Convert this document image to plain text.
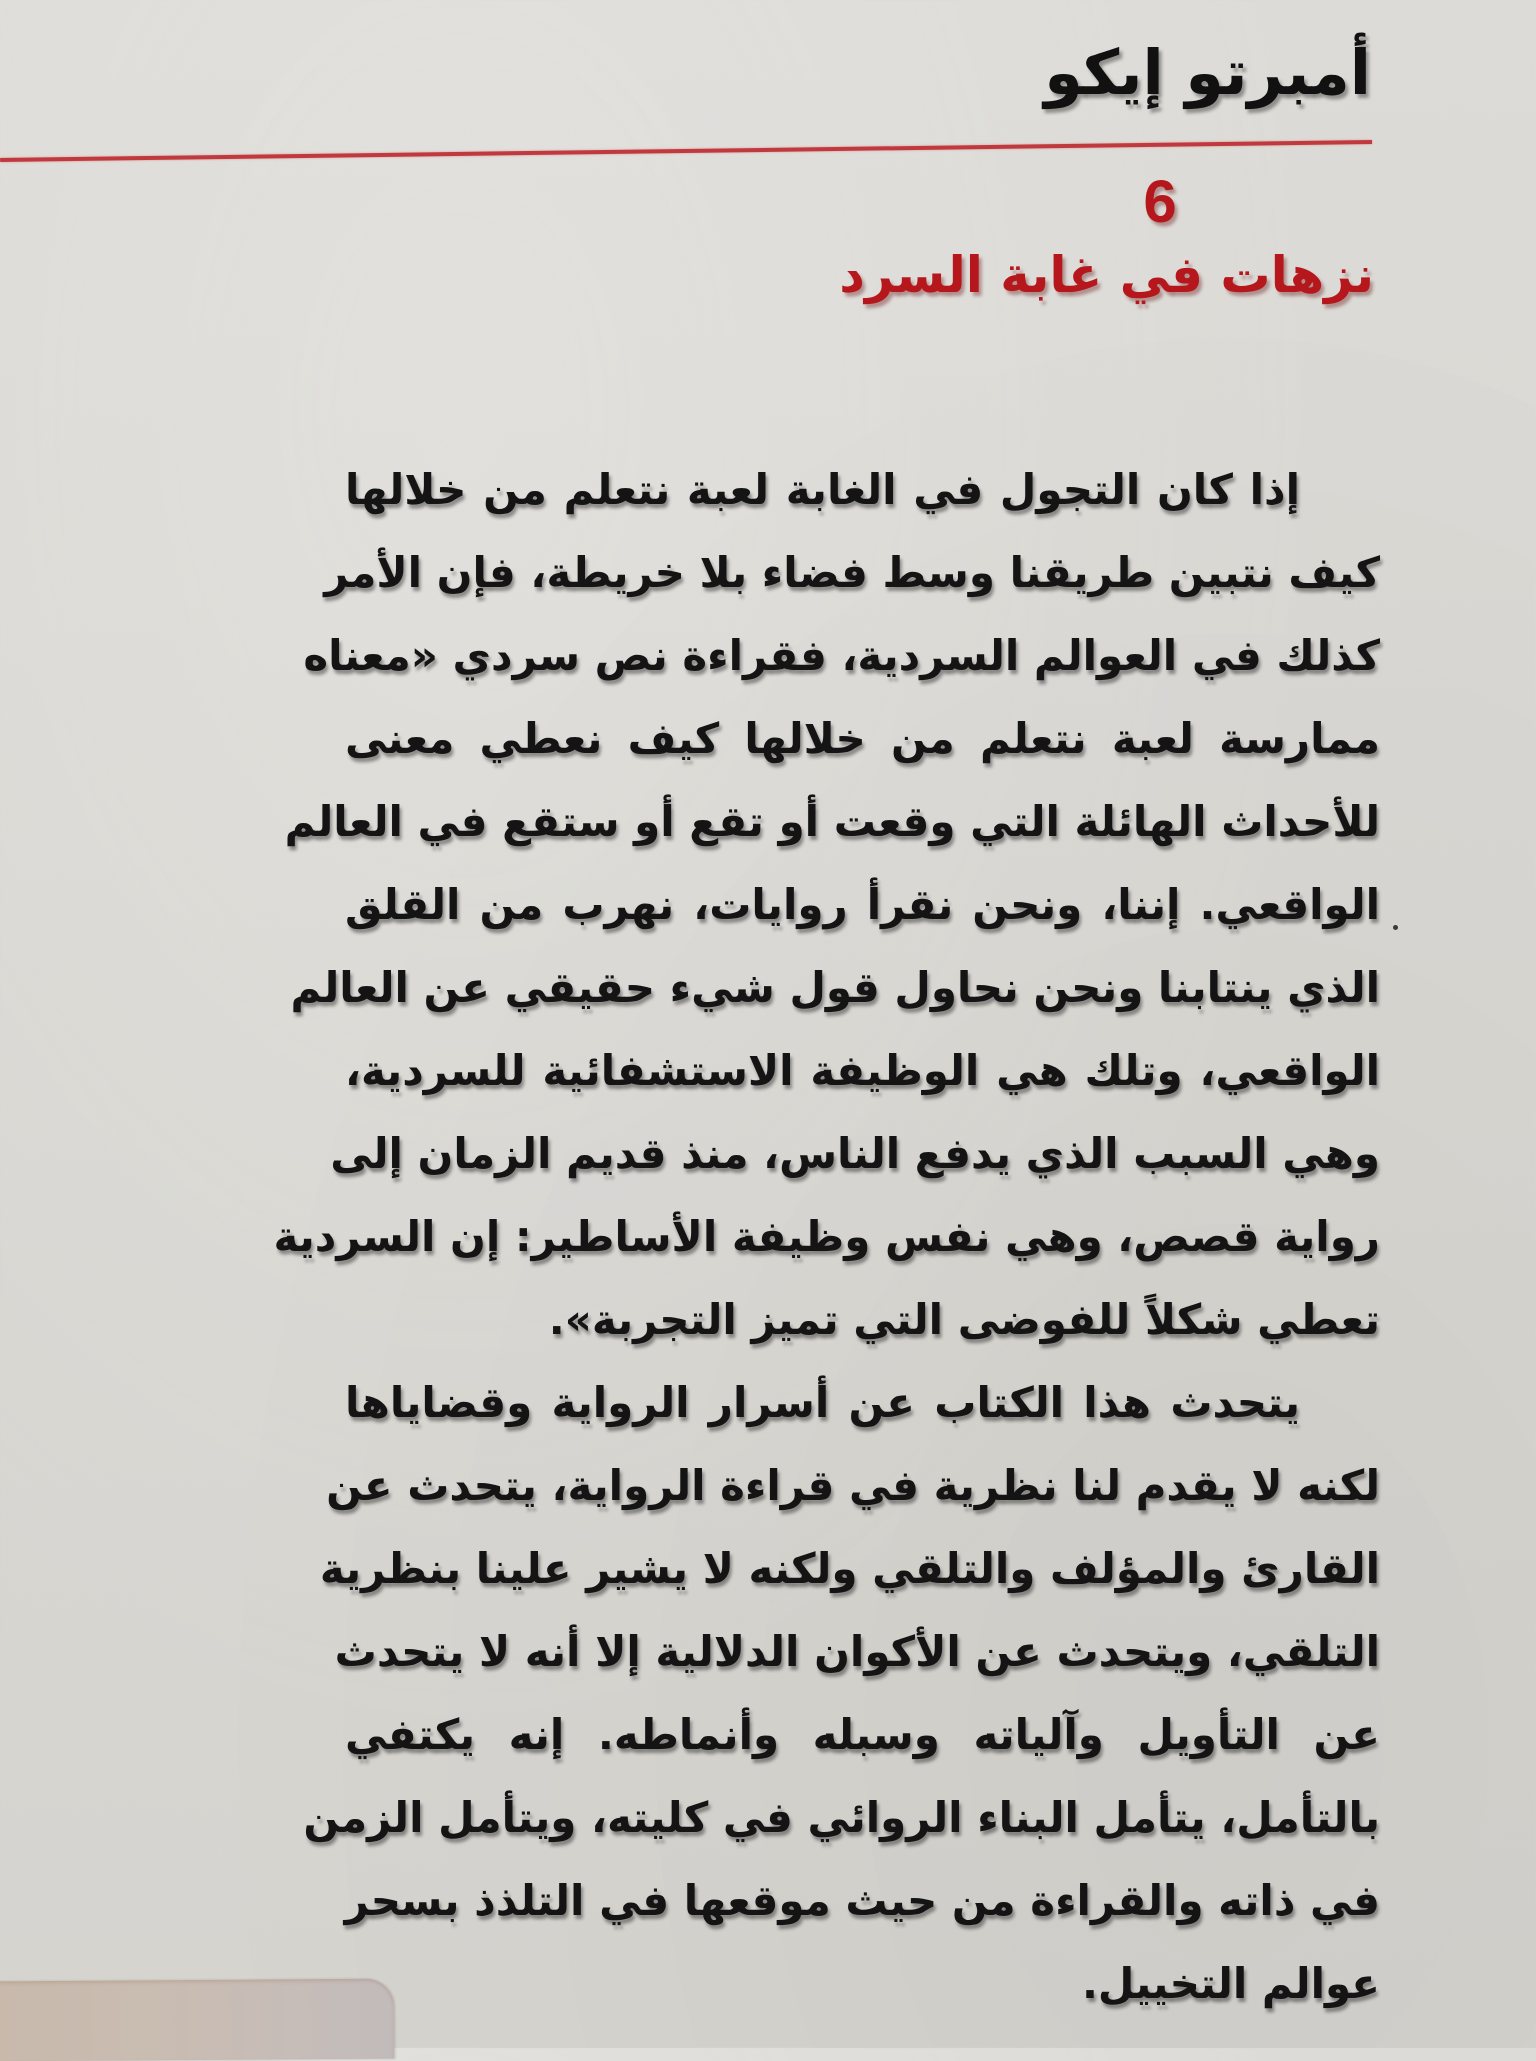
أمبرتو إيكو
6
نزهات في غابة السرد
إذا كان التجول في الغابة لعبة نتعلم من خلالها
كيف نتبين طريقنا وسط فضاء بلا خريطة، فإن الأمر
كذلك في العوالم السردية، فقراءة نص سردي «معناه
ممارسة لعبة نتعلم من خلالها كيف نعطي معنى
للأحداث الهائلة التي وقعت أو تقع أو ستقع في العالم
الواقعي. إننا، ونحن نقرأ روايات، نهرب من القلق
الذي ينتابنا ونحن نحاول قول شيء حقيقي عن العالم
الواقعي، وتلك هي الوظيفة الاستشفائية للسردية،
وهي السبب الذي يدفع الناس، منذ قديم الزمان إلى
رواية قصص، وهي نفس وظيفة الأساطير: إن السردية
تعطي شكلاً للفوضى التي تميز التجربة».
يتحدث هذا الكتاب عن أسرار الرواية وقضاياها
لكنه لا يقدم لنا نظرية في قراءة الرواية، يتحدث عن
القارئ والمؤلف والتلقي ولكنه لا يشير علينا بنظرية
التلقي، ويتحدث عن الأكوان الدلالية إلا أنه لا يتحدث
عن التأويل وآلياته وسبله وأنماطه. إنه يكتفي
بالتأمل، يتأمل البناء الروائي في كليته، ويتأمل الزمن
في ذاته والقراءة من حيث موقعها في التلذذ بسحر
عوالم التخييل.
